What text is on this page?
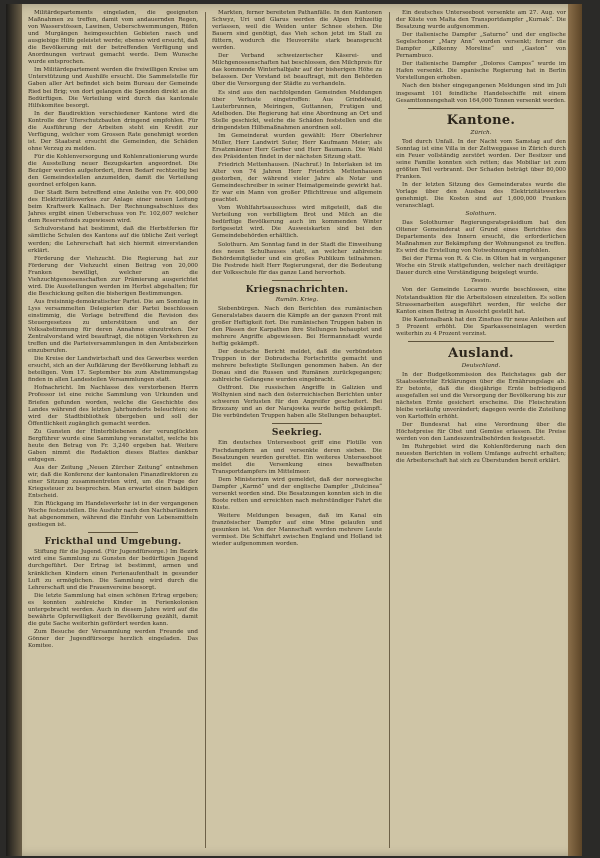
Militärdepartements eingeladen, die geeigneten Maßnahmen zu treffen, damit vom andauernden Regen, von Wasserstössen, Lawinen, Ueberschwemmungen, Rüfen und Murgängen heimgesuchten Gebieten rasch und ausgiebige Hilfe geleistet werde; ebenso wird ersucht, daß die Bevölkerung mit der betreffenden Verfügung und Anordnungen vertraut gemacht werde. Dem Wunsche wurde entsprochen.

Im Militärdepartement werden die freiwilligen Kreise um Unterstützung und Aushilfe ersucht. Die Sammelstelle für Gaben aller Art befindet sich beim Bureau der Gemeinde Ried bei Brig; von dort gelangen die Spenden direkt an die Bedürftigen. Die Verteilung wird durch das kantonale Hilfskomitee besorgt.

In der Baudirektion verschiedener Kantone wird die Kontrolle der Uferschutzbauten dringend empfohlen. Für die Ausführung der Arbeiten steht ein Kredit zur Verfügung, welcher vom Grossen Rate genehmigt worden ist. Der Staatsrat ersucht die Gemeinden, die Schäden ohne Verzug zu melden.

Für die Kohlenversorgung und Kohlenrationierung wurde die Ausstellung neuer Bezugskarten angeordnet. Die Bezüger werden aufgefordert, ihren Bedarf rechtzeitig bei den Gemeindestellen anzumelden, damit die Verteilung geordnet erfolgen kann.

Der Stadt Bern betreffend eine Anleihe von Fr. 400,000 des Elektrizitätswerkes zur Anlage einer neuen Leitung beim Kraftwerk Kallnach. Der Rechnungsabschluss des Jahres ergibt einen Ueberschuss von Fr. 102,607 welcher dem Reservefonds zugewiesen wird.

Schulvorstand hat bestimmt, daß die Herbstferien für sämtliche Schulen des Kantons auf die übliche Zeit verlegt werden; die Lehrerschaft hat sich hiermit einverstanden erklärt.

Förderung der Viehzucht. Die Regierung hat zur Förderung der Viehzucht einen Beitrag von 20,000 Franken bewilligt, welcher an die Viehzuchtgenossenschaften zur Prämierung ausgerichtet wird. Die Ausstellungen werden im Herbst abgehalten; für die Beschickung gelten die bisherigen Bestimmungen.

Aus freisinnig-demokratischer Partei. Die am Sonntag in Lyss versammelten Delegierten der Partei beschlossen einstimmig, die Vorlage betreffend die Revision des Steuergesetzes zu unterstützen und an der Volksabstimmung für deren Annahme einzutreten. Der Zentralvorstand wird beauftragt, die nötigen Vorkehren zu treffen und die Parteiversammlungen in den Amtsbezirken einzuberufen.

Die Kreise der Landwirtschaft und des Gewerbes werden ersucht, sich an der Aufklärung der Bevölkerung lebhaft zu beteiligen. Vom 17. September bis zum Abstimmungstag finden in allen Landesteilen Versammlungen statt.

Hofnachricht. Im Nachlasse des verstorbenen Herrn Professor ist eine reiche Sammlung von Urkunden und Briefen gefunden worden, welche die Geschichte des Landes während des letzten Jahrhunderts beleuchten; sie wird der Stadtbibliothek übergeben und soll der Öffentlichkeit zugänglich gemacht werden.

Zu Gunsten der Hinterbliebenen der verunglückten Bergführer wurde eine Sammlung veranstaltet, welche bis heute den Betrag von Fr. 3,240 ergeben hat. Weitere Gaben nimmt die Redaktion dieses Blattes dankbar entgegen.

Aus der Zeitung „Neuen Zürcher Zeitung“ entnehmen wir, daß die Konferenz der kantonalen Finanzdirektoren zu einer Sitzung zusammentreten wird, um die Frage der Kriegssteuer zu besprechen. Man erwartet einen baldigen Entscheid.

Ein Rückgang im Handelsverkehr ist in der vergangenen Woche festzustellen. Die Ausfuhr nach den Nachbarländern hat abgenommen, während die Einfuhr von Lebensmitteln gestiegen ist.

Frickthal und Umgebung.

Stiftung für die Jugend. (Für Jugendfürsorge.) Im Bezirk wird eine Sammlung zu Gunsten der bedürftigen Jugend durchgeführt. Der Ertrag ist bestimmt, armen und kränklichen Kindern einen Ferienaufenthalt in gesunder Luft zu ermöglichen. Die Sammlung wird durch die Lehrerschaft und die Frauenvereine besorgt.

Die letzte Sammlung hat einen schönen Ertrag ergeben; es konnten zahlreiche Kinder in Ferienkolonien untergebracht werden. Auch in diesem Jahre wird auf die bewährte Opferwilligkeit der Bevölkerung gezählt, damit die gute Sache weiterhin gefördert werden kann.

Zum Besuche der Versammlung werden Freunde und Gönner der Jugendfürsorge herzlich eingeladen. Das Komitee.

Markten, ferner bereiteten Pathanfälle. In den Kantonen Schwyz, Uri und Glarus werden die Alpen frühzeitig verlassen, weil die Weiden unter Schnee stehen. Die Bauern sind genötigt, das Vieh schon jetzt im Stall zu füttern, wodurch die Heuvorräte stark beansprucht werden.

Der Verband schweizerischer Käserei- und Milchgenossenschaften hat beschlossen, den Milchpreis für das kommende Winterhalbjahr auf der bisherigen Höhe zu belassen. Der Vorstand ist beauftragt, mit den Behörden über die Versorgung der Städte zu verhandeln.

Es sind aus den nachfolgenden Gemeinden Meldungen über Verluste eingetroffen: Aus Grindelwald, Lauterbrunnen, Meiringen, Guttannen, Frutigen und Adelboden. Die Regierung hat eine Abordnung an Ort und Stelle geschickt, welche die Schäden feststellen und die dringendsten Hilfsmaßnahmen anordnen soll.

Im Gemeinderat wurden gewählt: Herr Oberlehrer Müller, Herr Landwirt Suter, Herr Kaufmann Meier; als Ersatzmänner Herr Gerber und Herr Baumann. Die Wahl des Präsidenten findet in der nächsten Sitzung statt.

Friedrich Mettenhausen. (Nachruf.) In Interlaken ist im Alter von 74 Jahren Herr Friedrich Mettenhausen gestorben, der während vieler Jahre als Notar und Gemeindeschreiber in seiner Heimatgemeinde gewirkt hat. Er war ein Mann von großer Pflichttreue und allgemein geachtet.

Vom Wohlfahrtsausschuss wird mitgeteilt, daß die Verteilung von verbilligtem Brot und Milch an die bedürftige Bevölkerung auch im kommenden Winter fortgesetzt wird. Die Ausweiskarten sind bei den Gemeindebehörden erhältlich.

Solothurn. Am Sonntag fand in der Stadt die Einweihung des neuen Schulhauses statt, an welcher zahlreiche Behördemitglieder und ein großes Publikum teilnahmen. Die Festrede hielt Herr Regierungsrat, der die Bedeutung der Volksschule für das ganze Land hervorhob.

Kriegsnachrichten.
Rumän. Krieg.

Siebenbürgen. Nach den Berichten des rumänischen Generalstabes dauern die Kämpfe an der ganzen Front mit großer Heftigkeit fort. Die rumänischen Truppen haben in den Pässen der Karpathen ihre Stellungen behauptet und mehrere Angriffe abgewiesen. Bei Hermannstadt wurde heftig gekämpft.

Der deutsche Bericht meldet, daß die verbündeten Truppen in der Dobrudscha Fortschritte gemacht und mehrere befestigte Stellungen genommen haben. An der Donau sind die Russen und Rumänen zurückgegangen; zahlreiche Gefangene wurden eingebracht.

Ostfront. Die russischen Angriffe in Galizien und Wolhynien sind nach den österreichischen Berichten unter schweren Verlusten für den Angreifer gescheitert. Bei Brzezany und an der Narajowka wurde heftig gekämpft. Die verbündeten Truppen haben alle Stellungen behauptet.

Seekrieg.

Ein deutsches Unterseeboot griff eine Flotille von Fischdampfern an und versenkte deren sieben. Die Besatzungen wurden gerettet. Ein weiteres Unterseeboot meldet die Versenkung eines bewaffneten Transportdampfers im Mittelmeer.

Dem Ministerium wird gemeldet, daß der norwegische Dampfer „Karmö“ und der englische Dampfer „Dulcinea“ versenkt worden sind. Die Besatzungen konnten sich in die Boote retten und erreichten nach mehrstündiger Fahrt die Küste.

Weitere Meldungen besagen, daß im Kanal ein französischer Dampfer auf eine Mine gelaufen und gesunken ist. Von der Mannschaft werden mehrere Leute vermisst. Die Schiffahrt zwischen England und Holland ist wieder aufgenommen worden.

Ein deutsches Unterseeboot versenkte am 27. Aug. vor der Küste von Malta den Transportdampfer „Kurnak“. Die Besatzung wurde aufgenommen.

Der italienische Dampfer „Saturno“ und der englische Segelschoner „Mary Ann“ wurden versenkt; ferner die Dampfer „Kilkenny Moreline“ und „Gaston“ von Pernambuco.

Der italienische Dampfer „Dolores Campos“ wurde im Hafen versenkt. Die spanische Regierung hat in Berlin Vorstellungen erhoben.

Nach den bisher eingegangenen Meldungen sind im Juli insgesamt 101 feindliche Handelsschiffe mit einem Gesamttonnengehalt von 164,000 Tonnen versenkt worden.

Kantone.
Zürich.

Tod durch Unfall. In der Nacht vom Samstag auf den Sonntag ist eine Villa in der Zeltweggasse in Zürich durch ein Feuer vollständig zerstört worden. Der Besitzer und seine Familie konnten sich retten; das Mobiliar ist zum größten Teil verbrannt. Der Schaden beträgt über 80,000 Franken.

In der letzten Sitzung des Gemeinderates wurde die Vorlage über den Ausbau des Elektrizitätswerkes genehmigt. Die Kosten sind auf 1,600,000 Franken veranschlagt.

Solothurn.

Das Solothurner Regierungsratspräsidium hat den Oltener Gemeinderat auf Grund eines Berichtes des Departements des Innern ersucht, die erforderlichen Maßnahmen zur Bekämpfung der Wohnungsnot zu treffen. Es wird die Erstellung von Notwohnungen empfohlen.

Bei der Firma von R. & Cie. in Olten hat in vergangener Woche ein Streik stattgefunden, welcher nach dreitägiger Dauer durch eine Verständigung beigelegt wurde.

Tessin.

Von der Gemeinde Locarno wurde beschlossen, eine Notstandsaktion für die Arbeitslosen einzuleiten. Es sollen Strassenarbeiten ausgeführt werden, für welche der Kanton einen Beitrag in Aussicht gestellt hat.

Die Kantonalbank hat den Zinsfuss für neue Anleihen auf 5 Prozent erhöht. Die Sparkasseneinlagen werden weiterhin zu 4 Prozent verzinst.

Ausland.
Deutschland.

In der Budgetkommission des Reichstages gab der Staatssekretär Erklärungen über die Ernährungslage ab. Er betonte, daß die diesjährige Ernte befriedigend ausgefallen sei und die Versorgung der Bevölkerung bis zur nächsten Ernte gesichert erscheine. Die Fleischration bleibe vorläufig unverändert; dagegen werde die Zuteilung von Kartoffeln erhöht.

Der Bundesrat hat eine Verordnung über die Höchstpreise für Obst und Gemüse erlassen. Die Preise werden von den Landeszentralbehörden festgesetzt.

Im Ruhrgebiet wird die Kohlenförderung nach den neuesten Berichten in vollem Umfange aufrecht erhalten; die Arbeiterschaft hat sich zu Überstunden bereit erklärt.
